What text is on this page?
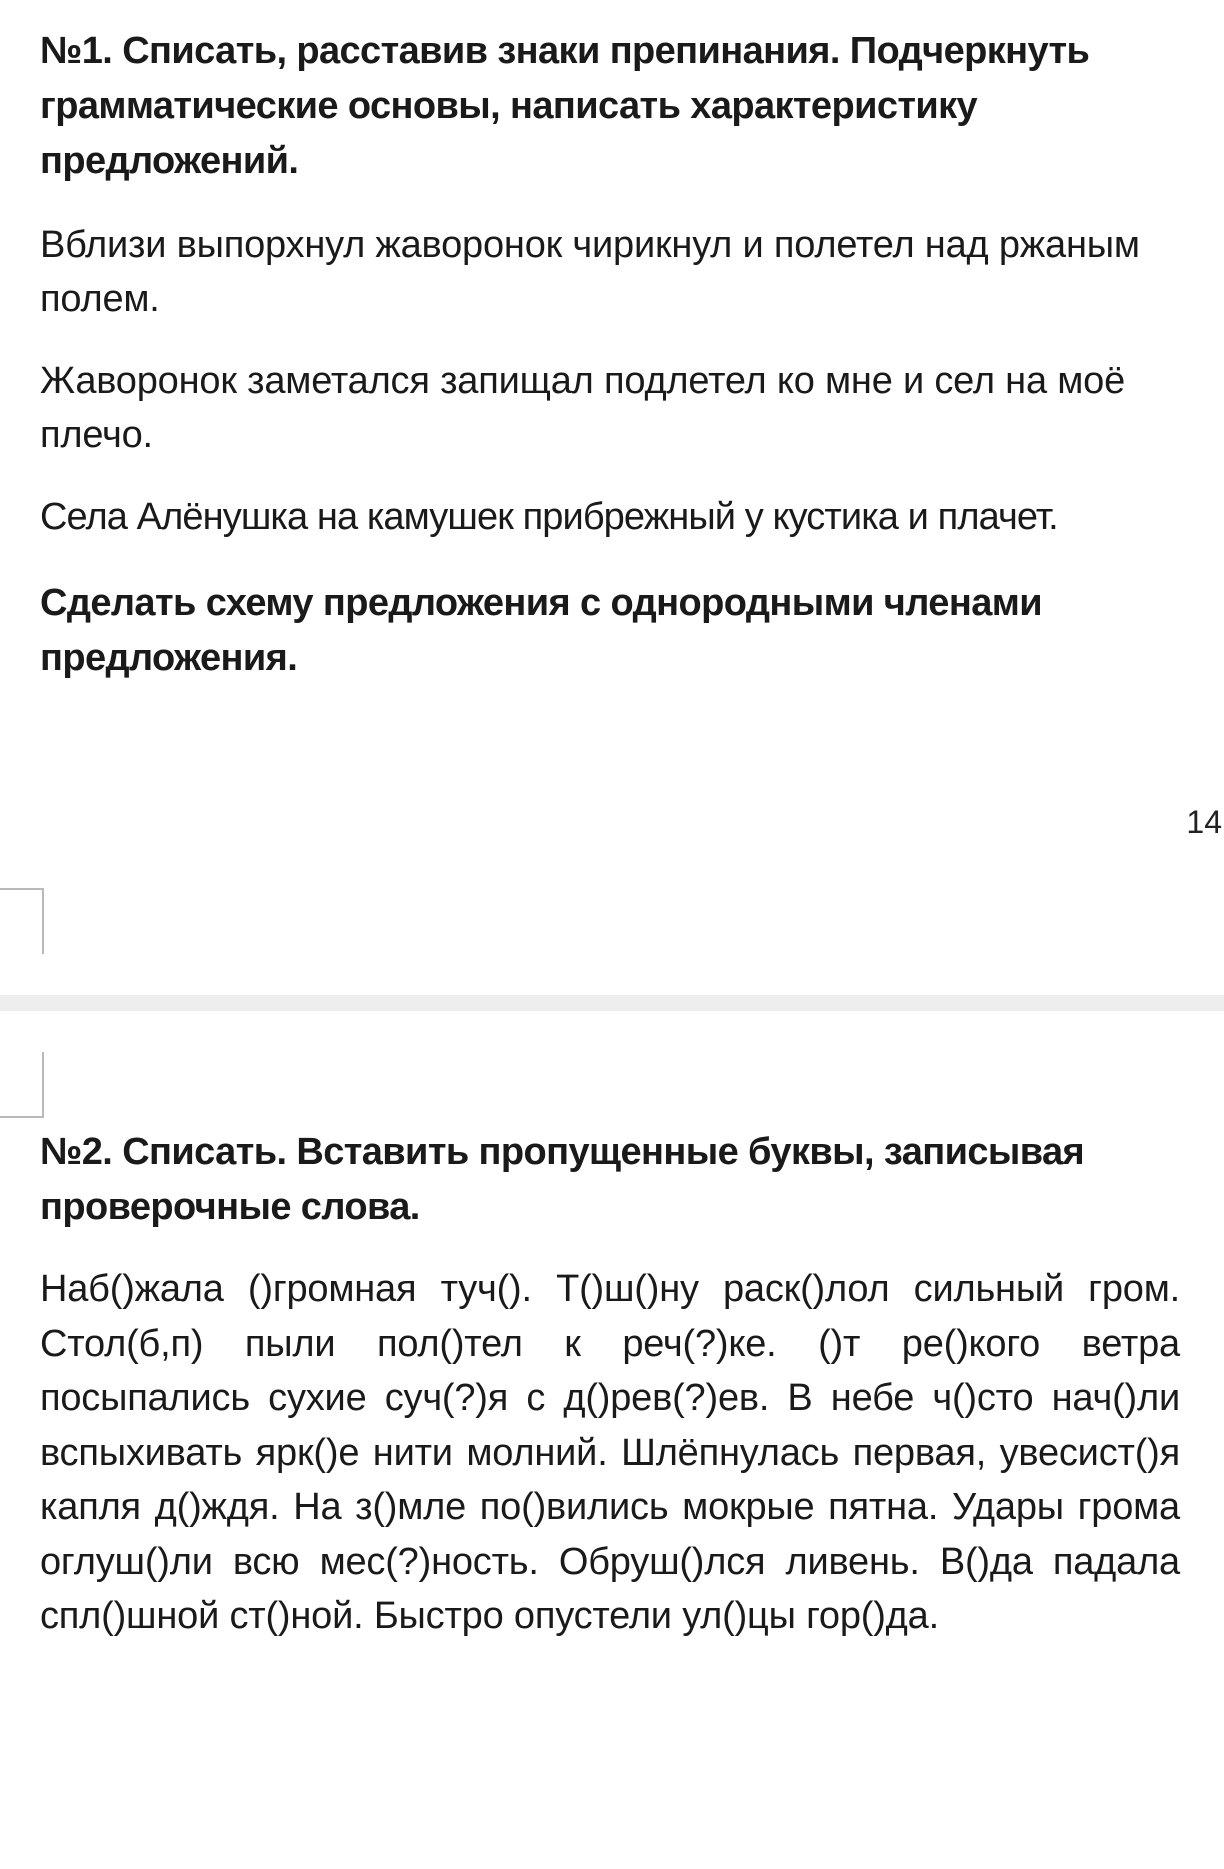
№1. Списать, расставив знаки препинания. Подчеркнуть грамматические основы, написать характеристику предложений.

Вблизи выпорхнул жаворонок чирикнул и полетел над ржаным полем.

Жаворонок заметался запищал подлетел ко мне и сел на моё плечо.

Села Алёнушка на камушек прибрежный у кустика и плачет.

Сделать схему предложения с однородными членами предложения.

14

№2. Списать. Вставить пропущенные буквы, записывая проверочные слова.

Наб()жала ()громная туч(). Т()ш()ну раск()лол сильный гром. Стол(б,п) пыли пол()тел к реч(?)ке. ()т ре()кого ветра посыпались сухие суч(?)я с д()рев(?)ев. В небе ч()сто нач()ли вспыхивать ярк()е нити молний. Шлёпнулась первая, увесист()я капля д()ждя. На з()мле по()вились мокрые пятна. Удары грома оглуш()ли всю мес(?)ность. Обруш()лся ливень. В()да падала спл()шной ст()ной. Быстро опустели ул()цы гор()да.
